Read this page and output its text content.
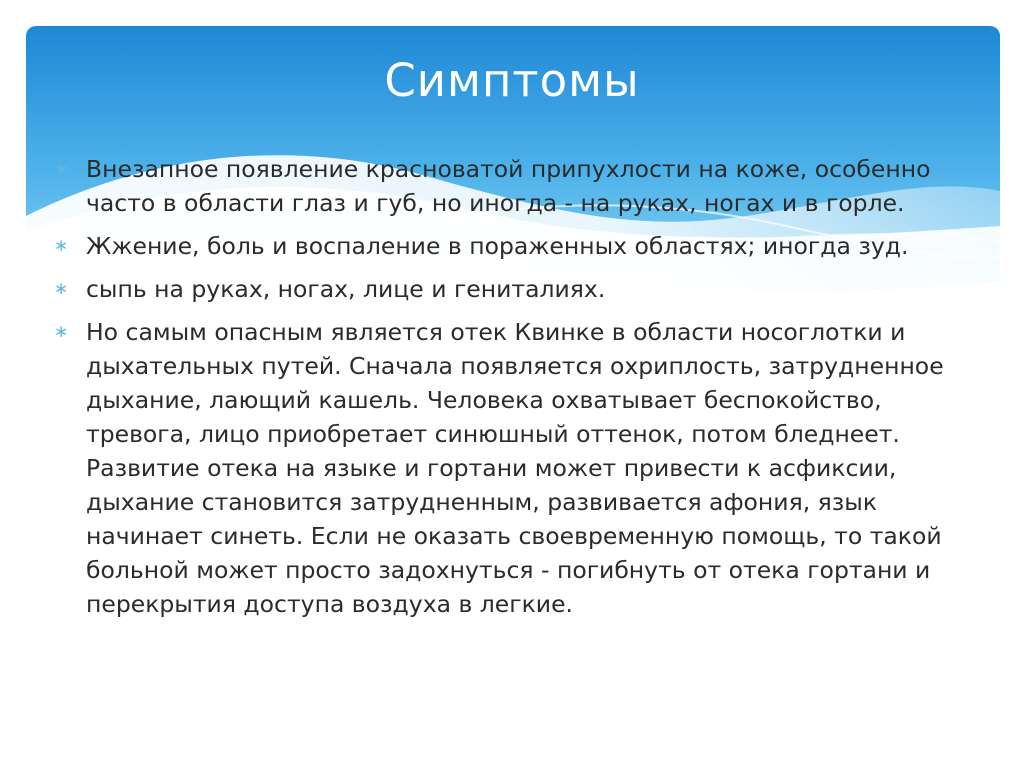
Симптомы
∗ Внезапное появление красноватой припухлости на коже, особенно часто в области глаз и губ, но иногда - на руках, ногах и в горле.
∗ Жжение, боль и воспаление в пораженных областях; иногда зуд.
∗ сыпь на руках, ногах, лице и гениталиях.
∗ Но самым опасным является отек Квинке в области носоглотки и дыхательных путей. Сначала появляется охриплость, затрудненное дыхание, лающий кашель. Человека охватывает беспокойство, тревога, лицо приобретает синюшный оттенок, потом бледнеет. Развитие отека на языке и гортани может привести к асфиксии, дыхание становится затрудненным, развивается афония, язык начинает синеть. Если не оказать своевременную помощь, то такой больной может просто задохнуться - погибнуть от отека гортани и перекрытия доступа воздуха в легкие.
